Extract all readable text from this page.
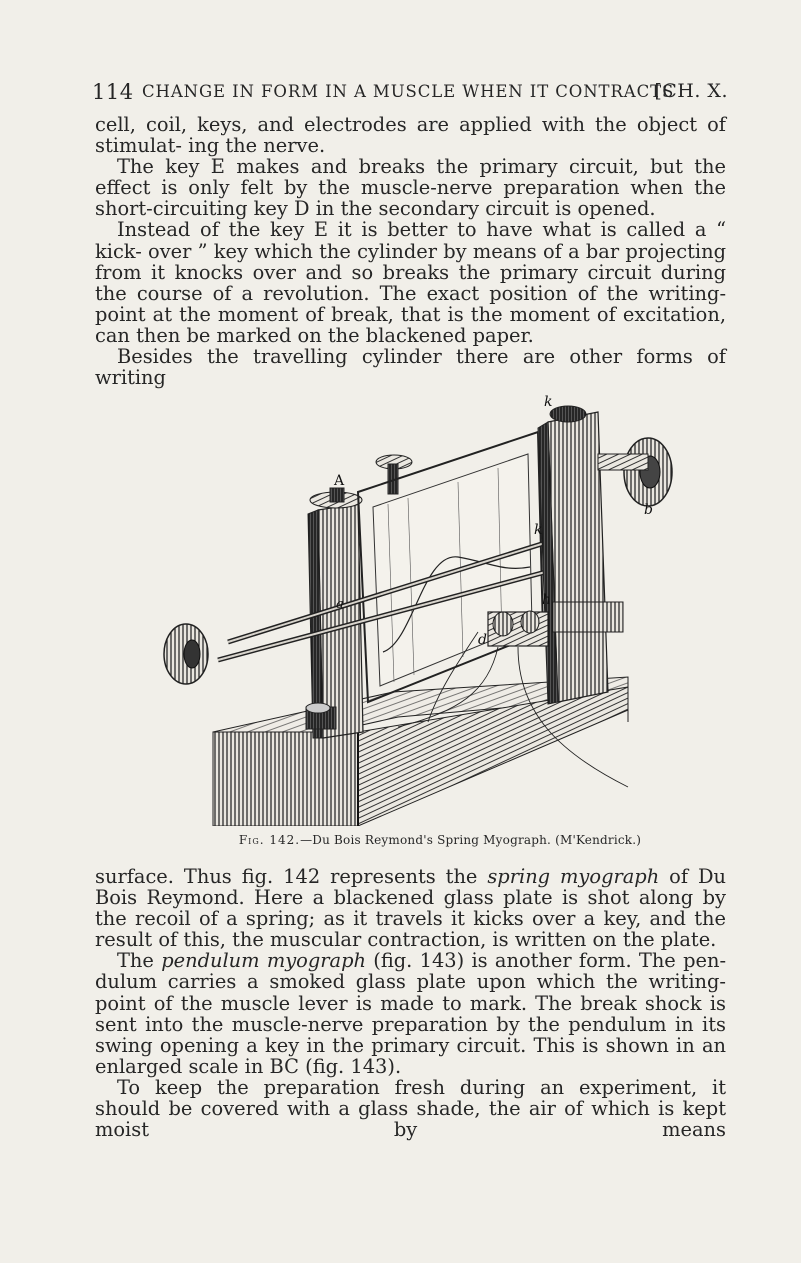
114 CHANGE IN FORM IN A MUSCLE WHEN IT CONTRACTS
[CH. X.

cell, coil, keys, and electrodes are applied with the object of stimulat- ing the nerve.

The key E makes and breaks the primary circuit, but the effect is only felt by the muscle-nerve preparation when the short-circuiting key D in the secondary circuit is opened.

Instead of the key E it is better to have what is called a “ kick- over ” key which the cylinder by means of a bar projecting from it knocks over and so breaks the primary circuit during the course of a revolution. The exact position of the writing-point at the moment of break, that is the moment of excitation, can then be marked on the blackened paper.

Besides the travelling cylinder there are other forms of writing

A
k
b
k
a	h
d
Fig. 142.—Du Bois Reymond's Spring Myograph. (M'Kendrick.)

surface. Thus fig. 142 represents the spring myograph of Du Bois Reymond. Here a blackened glass plate is shot along by the recoil of a spring; as it travels it kicks over a key, and the result of this, the muscular contraction, is written on the plate.

The pendulum myograph (fig. 143) is another form. The pen- dulum carries a smoked glass plate upon which the writing-point of the muscle lever is made to mark. The break shock is sent into the muscle-nerve preparation by the pendulum in its swing opening a key in the primary circuit. This is shown in an enlarged scale in BC (fig. 143).

To keep the preparation fresh during an experiment, it should be covered with a glass shade, the air of which is kept moist by means
